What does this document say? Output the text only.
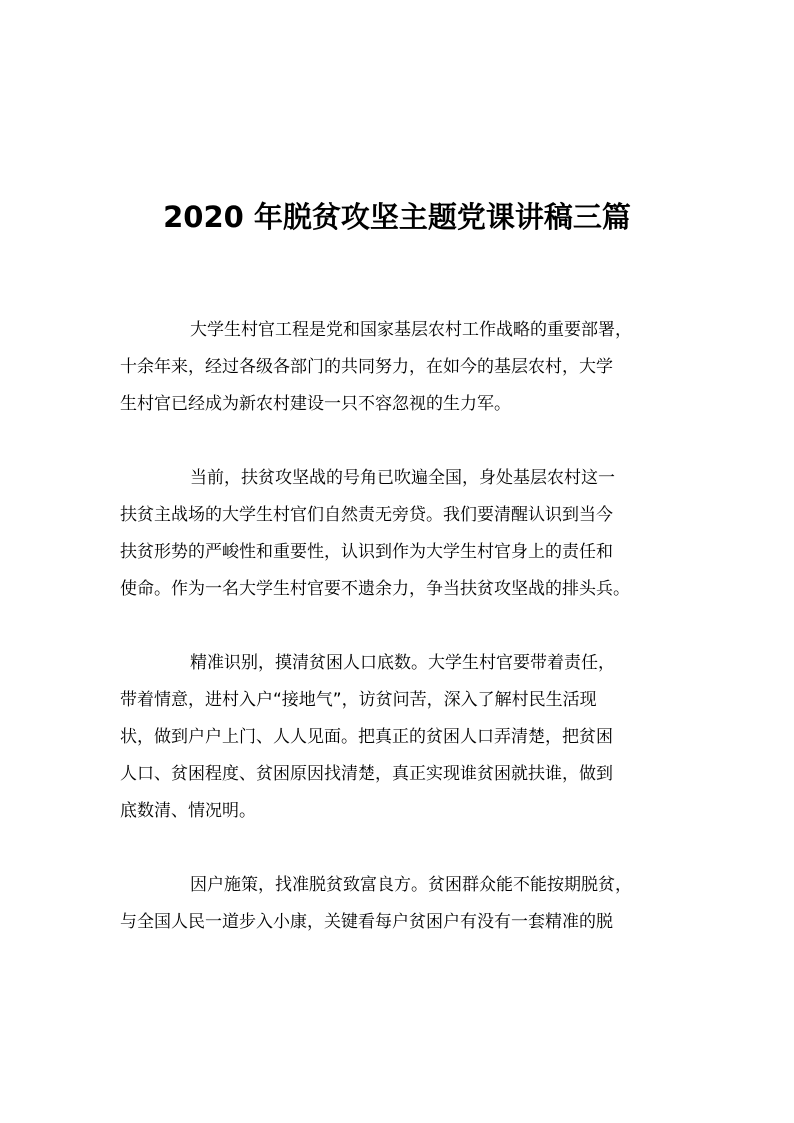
2020 年脱贫攻坚主题党课讲稿三篇
大学生村官工程是党和国家基层农村工作战略的重要部署，
十余年来，经过各级各部门的共同努力，在如今的基层农村，大学
生村官已经成为新农村建设一只不容忽视的生力军。
当前，扶贫攻坚战的号角已吹遍全国，身处基层农村这一
扶贫主战场的大学生村官们自然责无旁贷。我们要清醒认识到当今
扶贫形势的严峻性和重要性，认识到作为大学生村官身上的责任和
使命。作为一名大学生村官要不遗余力，争当扶贫攻坚战的排头兵。
精准识别，摸清贫困人口底数。大学生村官要带着责任，
带着情意，进村入户“接地气”，访贫问苦，深入了解村民生活现
状，做到户户上门、人人见面。把真正的贫困人口弄清楚，把贫困
人口、贫困程度、贫困原因找清楚，真正实现谁贫困就扶谁，做到
底数清、情况明。
因户施策，找准脱贫致富良方。贫困群众能不能按期脱贫，
与全国人民一道步入小康，关键看每户贫困户有没有一套精准的脱
